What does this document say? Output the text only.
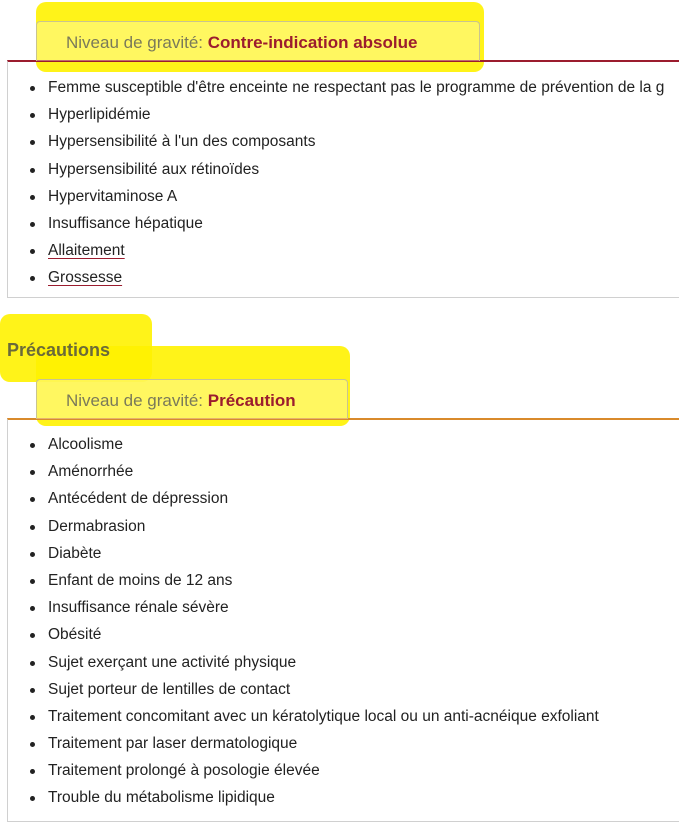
Niveau de gravité: Contre-indication absolue
Femme susceptible d'être enceinte ne respectant pas le programme de prévention de la g
Hyperlipidémie
Hypersensibilité à l'un des composants
Hypersensibilité aux rétinoïdes
Hypervitaminose A
Insuffisance hépatique
Allaitement
Grossesse
Précautions
Niveau de gravité: Précaution
Alcoolisme
Aménorrhée
Antécédent de dépression
Dermabrasion
Diabète
Enfant de moins de 12 ans
Insuffisance rénale sévère
Obésité
Sujet exerçant une activité physique
Sujet porteur de lentilles de contact
Traitement concomitant avec un kératolytique local ou un anti-acnéique exfoliant
Traitement par laser dermatologique
Traitement prolongé à posologie élevée
Trouble du métabolisme lipidique
